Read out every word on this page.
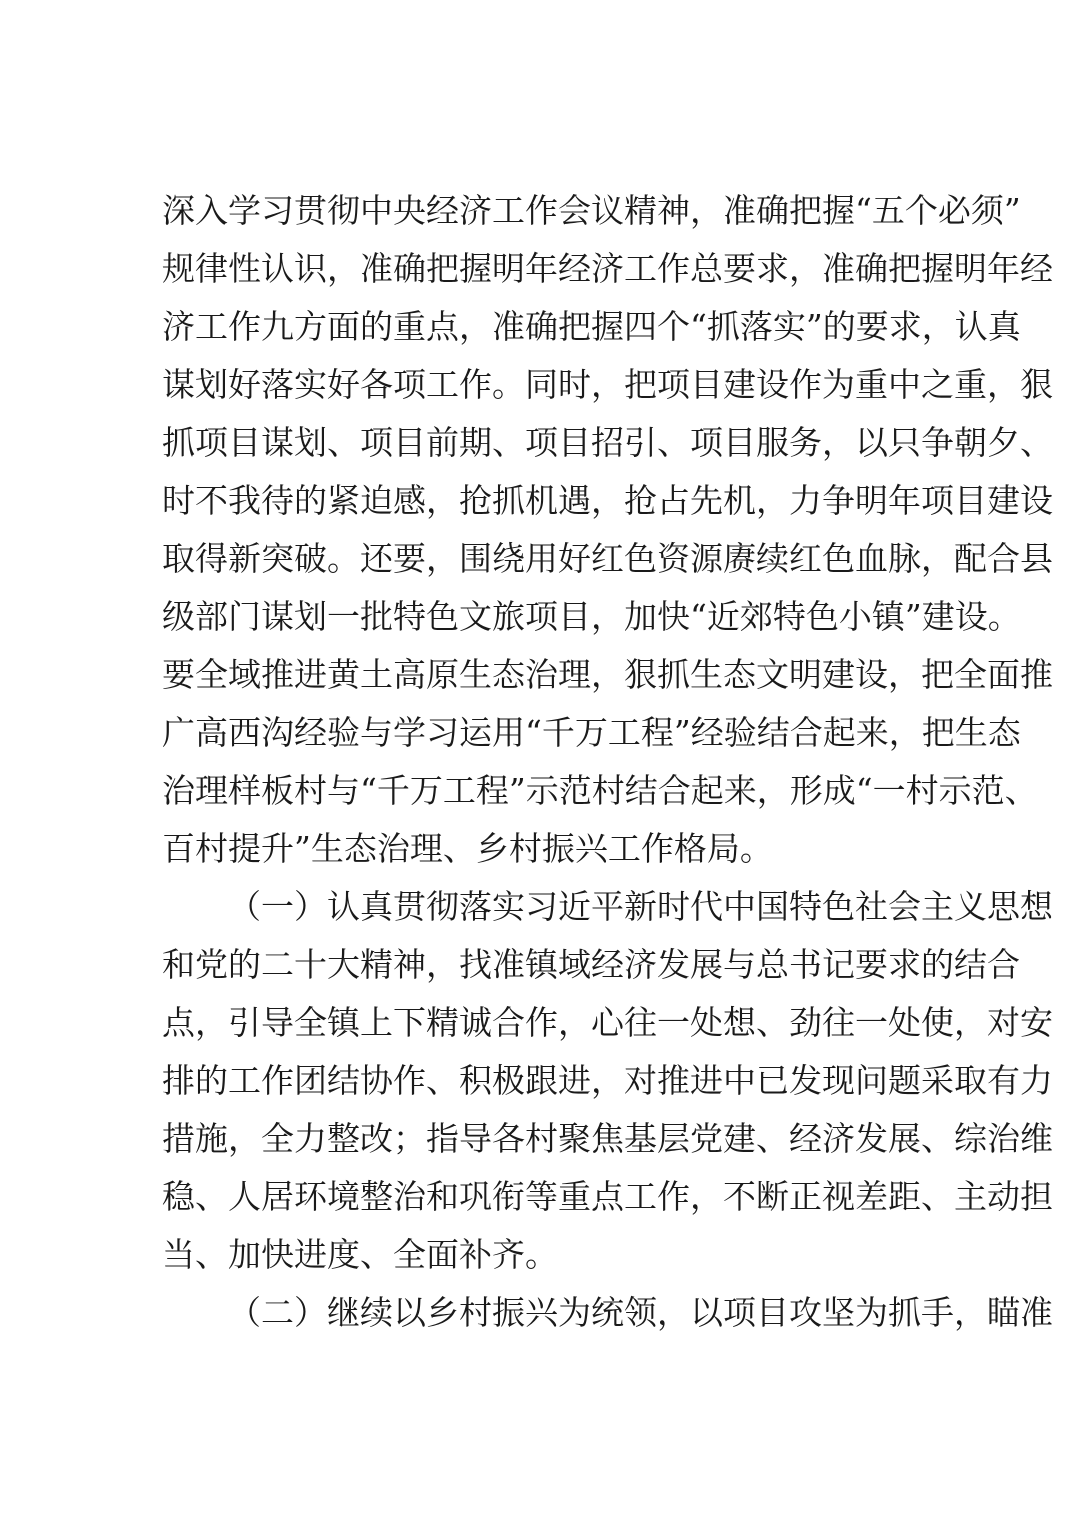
深入学习贯彻中央经济工作会议精神，准确把握“五个必须”
规律性认识，准确把握明年经济工作总要求，准确把握明年经
济工作九方面的重点，准确把握四个“抓落实”的要求，认真
谋划好落实好各项工作。同时，把项目建设作为重中之重，狠
抓项目谋划、项目前期、项目招引、项目服务，以只争朝夕、
时不我待的紧迫感，抢抓机遇，抢占先机，力争明年项目建设
取得新突破。还要，围绕用好红色资源赓续红色血脉，配合县
级部门谋划一批特色文旅项目，加快“近郊特色小镇”建设。
要全域推进黄土高原生态治理，狠抓生态文明建设，把全面推
广高西沟经验与学习运用“千万工程”经验结合起来，把生态
治理样板村与“千万工程”示范村结合起来，形成“一村示范、
百村提升”生态治理、乡村振兴工作格局。
（一）认真贯彻落实习近平新时代中国特色社会主义思想
和党的二十大精神，找准镇域经济发展与总书记要求的结合
点，引导全镇上下精诚合作，心往一处想、劲往一处使，对安
排的工作团结协作、积极跟进，对推进中已发现问题采取有力
措施，全力整改；指导各村聚焦基层党建、经济发展、综治维
稳、人居环境整治和巩衔等重点工作，不断正视差距、主动担
当、加快进度、全面补齐。
（二）继续以乡村振兴为统领，以项目攻坚为抓手，瞄准
